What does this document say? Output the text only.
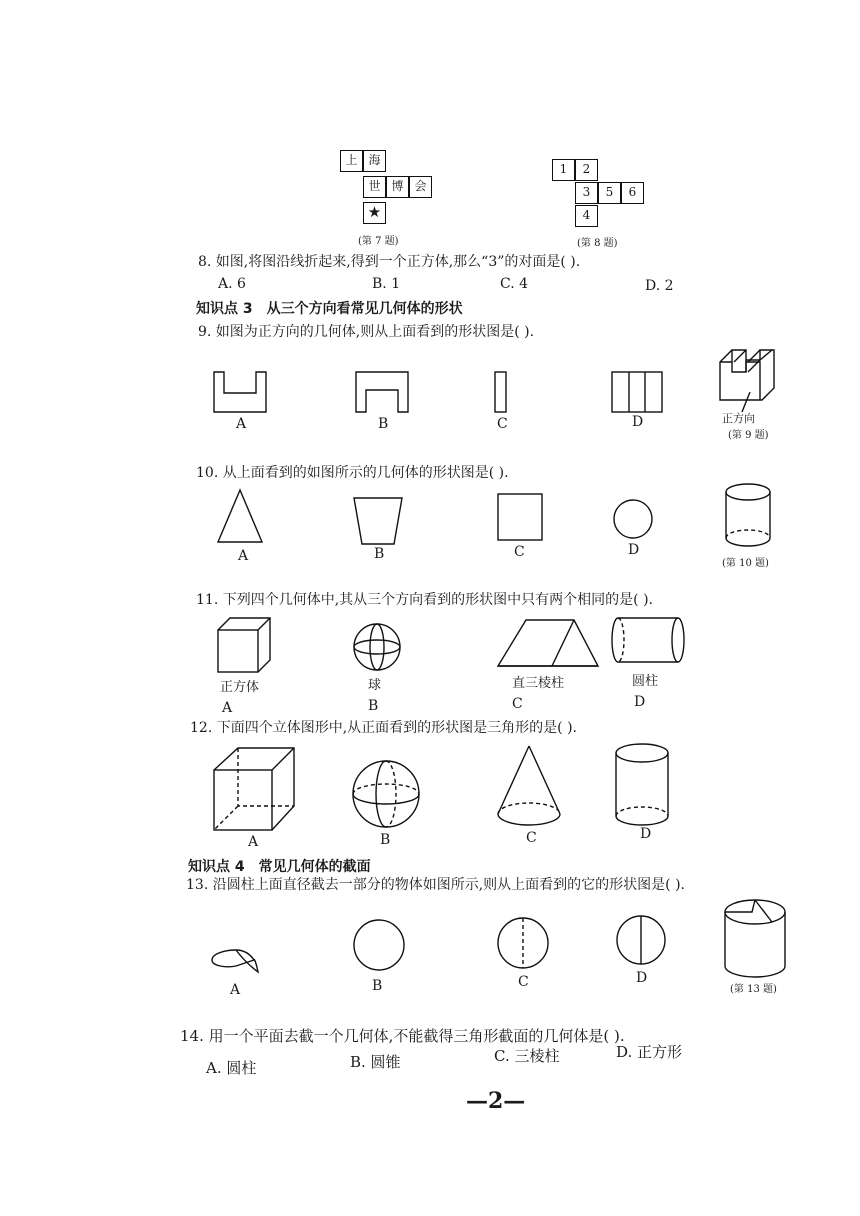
上 海
世 博 会
★
(第 7 题)
1	2
3	5	6
4
(第 8 题)
8. 如图,将图沿线折起来,得到一个正方体,那么“3”的对面是( ).
A. 6	B. 1	C. 4	D. 2
知识点 3　从三个方向看常见几何体的形状
9. 如图为正方向的几何体,则从上面看到的形状图是( ).
A	B	C	D	正方向
(第 9 题)
10. 从上面看到的如图所示的几何体的形状图是( ).
A	B	C	D
(第 10 题)
11. 下列四个几何体中,其从三个方向看到的形状图中只有两个相同的是( ).
正方体	球	直三棱柱	圆柱
A	B	C	D
12. 下面四个立体图形中,从正面看到的形状图是三角形的是( ).
A	B	C	D
知识点 4　常见几何体的截面
13. 沿圆柱上面直径截去一部分的物体如图所示,则从上面看到的它的形状图是( ).
A	B	C	D
(第 13 题)
14. 用一个平面去截一个几何体,不能截得三角形截面的几何体是( ).
A. 圆柱	B. 圆锥	C. 三棱柱	D. 正方形
—2—
